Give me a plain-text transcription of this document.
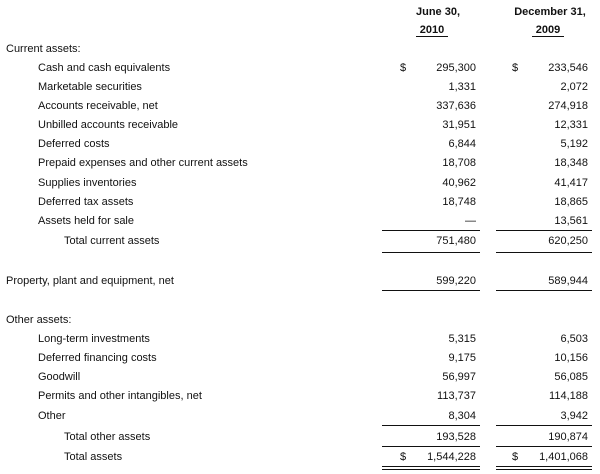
June 30,
2010
December 31,
2009
Current assets:
Cash and cash equivalents	$	295,300	$	233,546
Marketable securities	1,331	2,072
Accounts receivable, net	337,636	274,918
Unbilled accounts receivable	31,951	12,331
Deferred costs	6,844	5,192
Prepaid expenses and other current assets	18,708	18,348
Supplies inventories	40,962	41,417
Deferred tax assets	18,748	18,865
Assets held for sale	—	13,561
Total current assets	751,480	620,250
Property, plant and equipment, net	599,220	589,944
Other assets:
Long-term investments	5,315	6,503
Deferred financing costs	9,175	10,156
Goodwill	56,997	56,085
Permits and other intangibles, net	113,737	114,188
Other	8,304	3,942
Total other assets	193,528	190,874
Total assets	$	1,544,228	$	1,401,068
